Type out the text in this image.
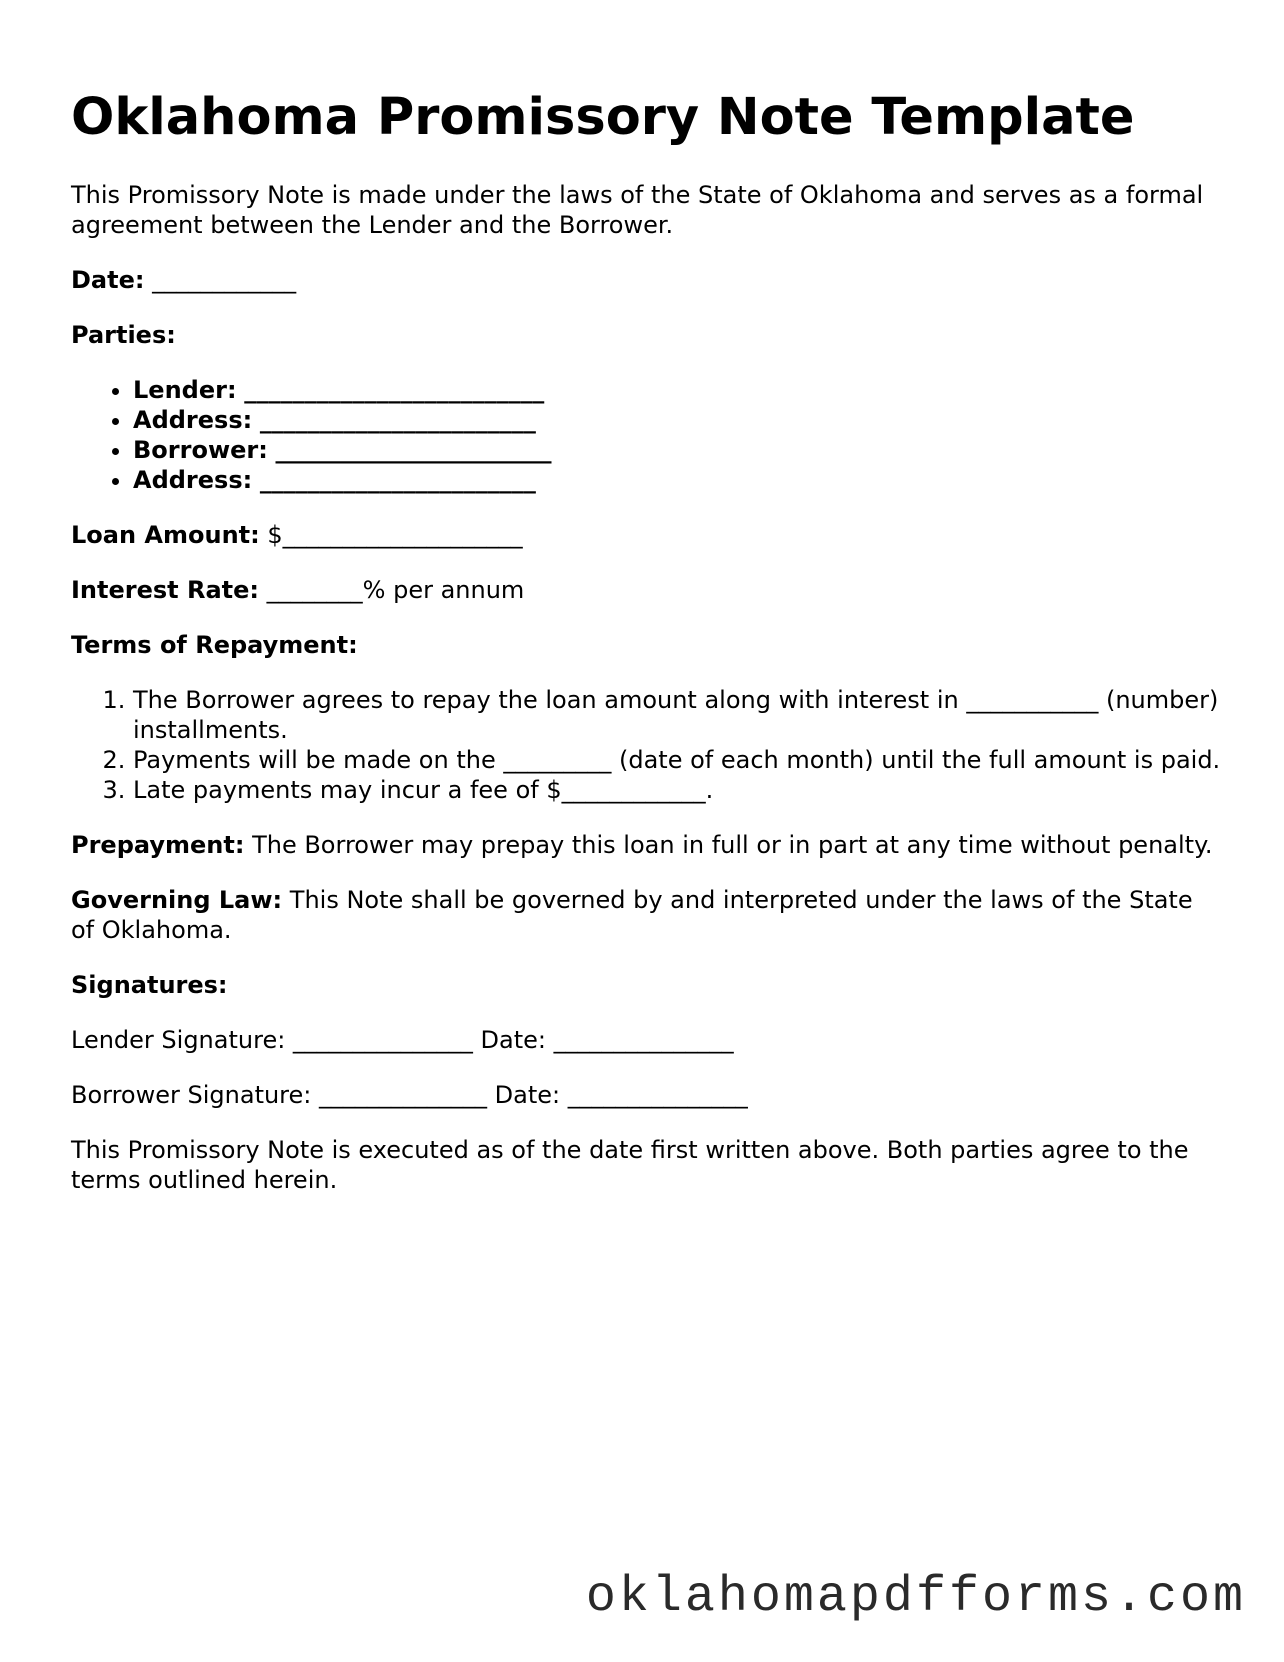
Oklahoma Promissory Note Template

This Promissory Note is made under the laws of the State of Oklahoma and serves as a formal agreement between the Lender and the Borrower.

Date: ____________

Parties:

• Lender: _________________________
• Address: _______________________
• Borrower: _______________________
• Address: _______________________

Loan Amount: $____________________

Interest Rate: ________% per annum

Terms of Repayment:

1. The Borrower agrees to repay the loan amount along with interest in ___________ (number) installments.
2. Payments will be made on the _________ (date of each month) until the full amount is paid.
3. Late payments may incur a fee of $____________.

Prepayment: The Borrower may prepay this loan in full or in part at any time without penalty.

Governing Law: This Note shall be governed by and interpreted under the laws of the State of Oklahoma.

Signatures:

Lender Signature: _______________ Date: _______________

Borrower Signature: ______________ Date: _______________

This Promissory Note is executed as of the date first written above. Both parties agree to the terms outlined herein.

oklahomapdfforms.com
